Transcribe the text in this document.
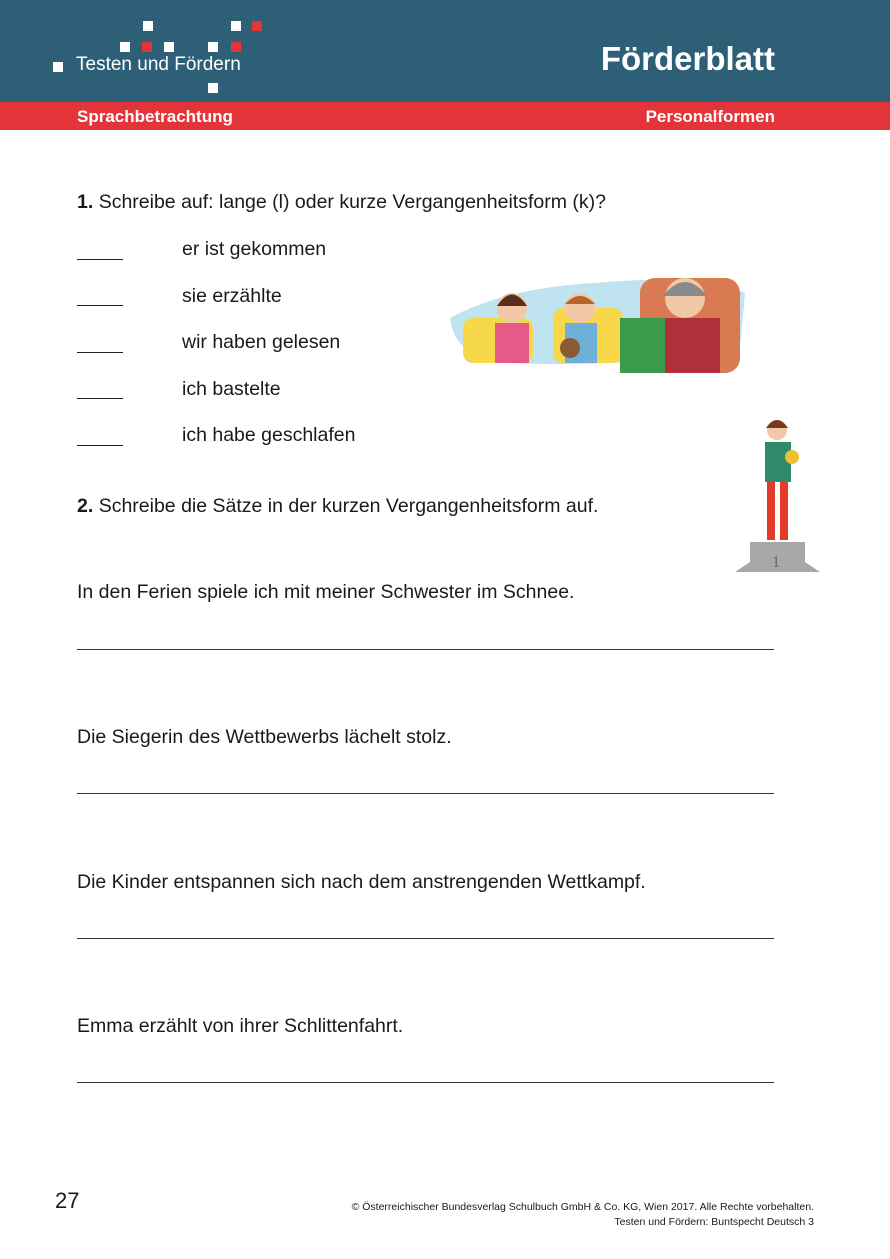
Testen und Fördern	Förderblatt
Sprachbetrachtung	Personalformen
1. Schreibe auf: lange (l) oder kurze Vergangenheitsform (k)?
er ist gekommen
sie erzählte
wir haben gelesen
ich bastelte
ich habe geschlafen
2. Schreibe die Sätze in der kurzen Vergangenheitsform auf.
1
In den Ferien spiele ich mit meiner Schwester im Schnee.
Die Siegerin des Wettbewerbs lächelt stolz.
Die Kinder entspannen sich nach dem anstrengenden Wettkampf.
Emma erzählt von ihrer Schlittenfahrt.
27	© Österreichischer Bundesverlag Schulbuch GmbH & Co. KG, Wien 2017. Alle Rechte vorbehalten.
Testen und Fördern: Buntspecht Deutsch 3
